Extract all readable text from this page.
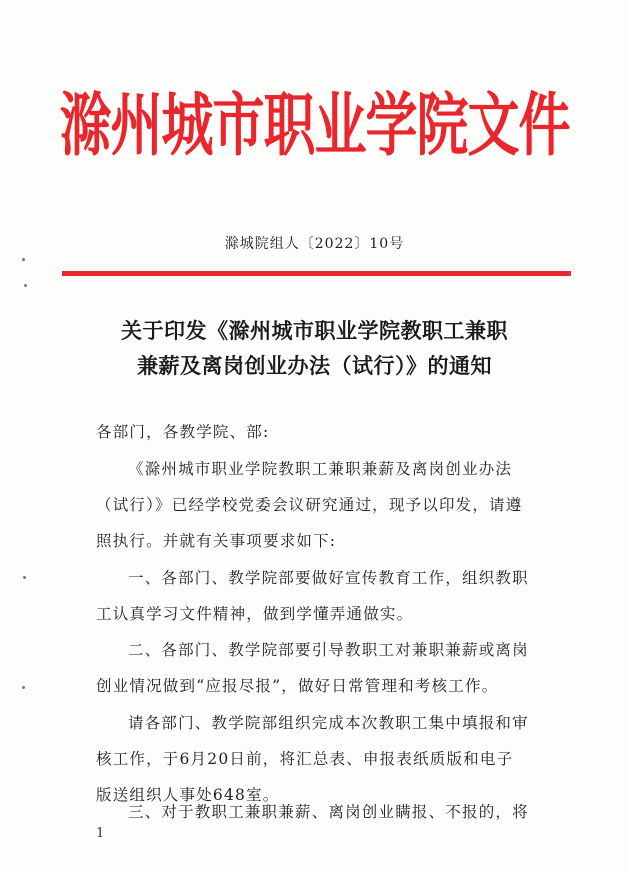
滁州城市职业学院文件
滁城院组人〔2022〕10号
关于印发《滁州城市职业学院教职工兼职
兼薪及离岗创业办法（试行）》的通知
各部门，各教学院、部:
《滁州城市职业学院教职工兼职兼薪及离岗创业办法
（试行）》已经学校党委会议研究通过，现予以印发，请遵
照执行。并就有关事项要求如下:
一、各部门、教学院部要做好宣传教育工作，组织教职
工认真学习文件精神，做到学懂弄通做实。
二、各部门、教学院部要引导教职工对兼职兼薪或离岗
创业情况做到“应报尽报”，做好日常管理和考核工作。
请各部门、教学院部组织完成本次教职工集中填报和审
核工作，于6月20日前，将汇总表、申报表纸质版和电子
版送组织人事处648室。
三、对于教职工兼职兼薪、离岗创业瞒报、不报的，将
1
